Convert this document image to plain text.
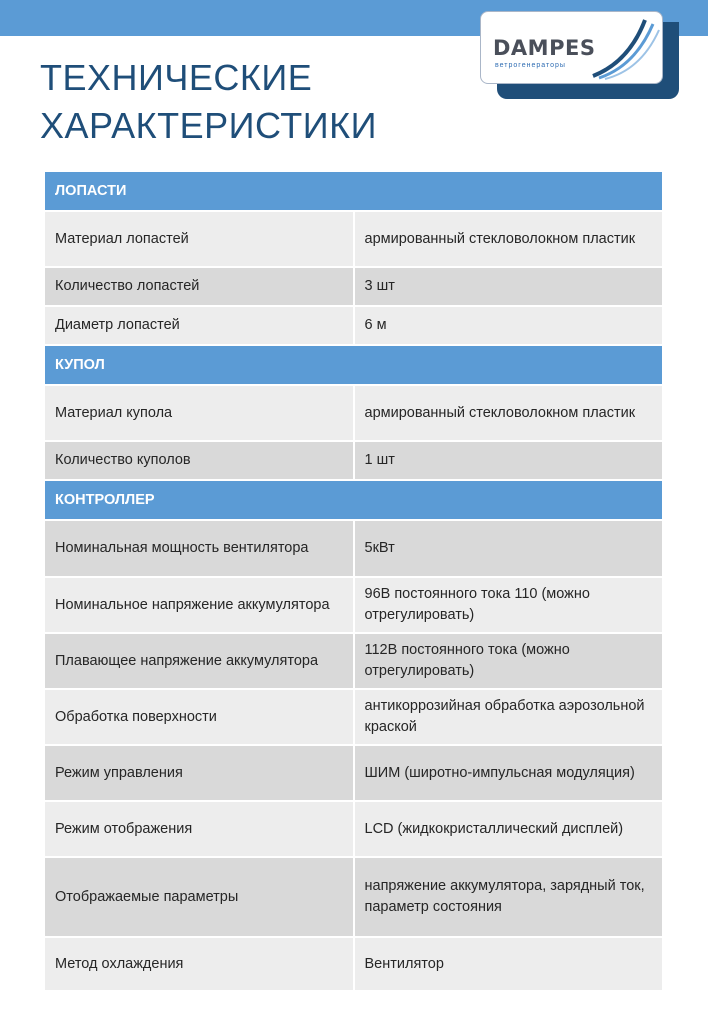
DAMPES
ветрогенераторы
ТЕХНИЧЕСКИЕ
ХАРАКТЕРИСТИКИ
ЛОПАСТИ	
Материал лопастей	армированный стекловолокном пластик
Количество лопастей	3 шт
Диаметр лопастей	6 м
КУПОЛ	
Материал купола	армированный стекловолокном пластик
Количество куполов	1 шт
КОНТРОЛЛЕР	
Номинальная мощность вентилятора	5кВт
Номинальное напряжение аккумулятора	96В постоянного тока 110 (можно отрегулировать)
Плавающее напряжение аккумулятора	112В постоянного тока (можно отрегулировать)
Обработка поверхности	антикоррозийная обработка аэрозольной краской
Режим управления	ШИМ (широтно-импульсная модуляция)
Режим отображения	LCD (жидкокристаллический дисплей)
Отображаемые параметры	напряжение аккумулятора, зарядный ток, параметр состояния
Метод охлаждения	Вентилятор
